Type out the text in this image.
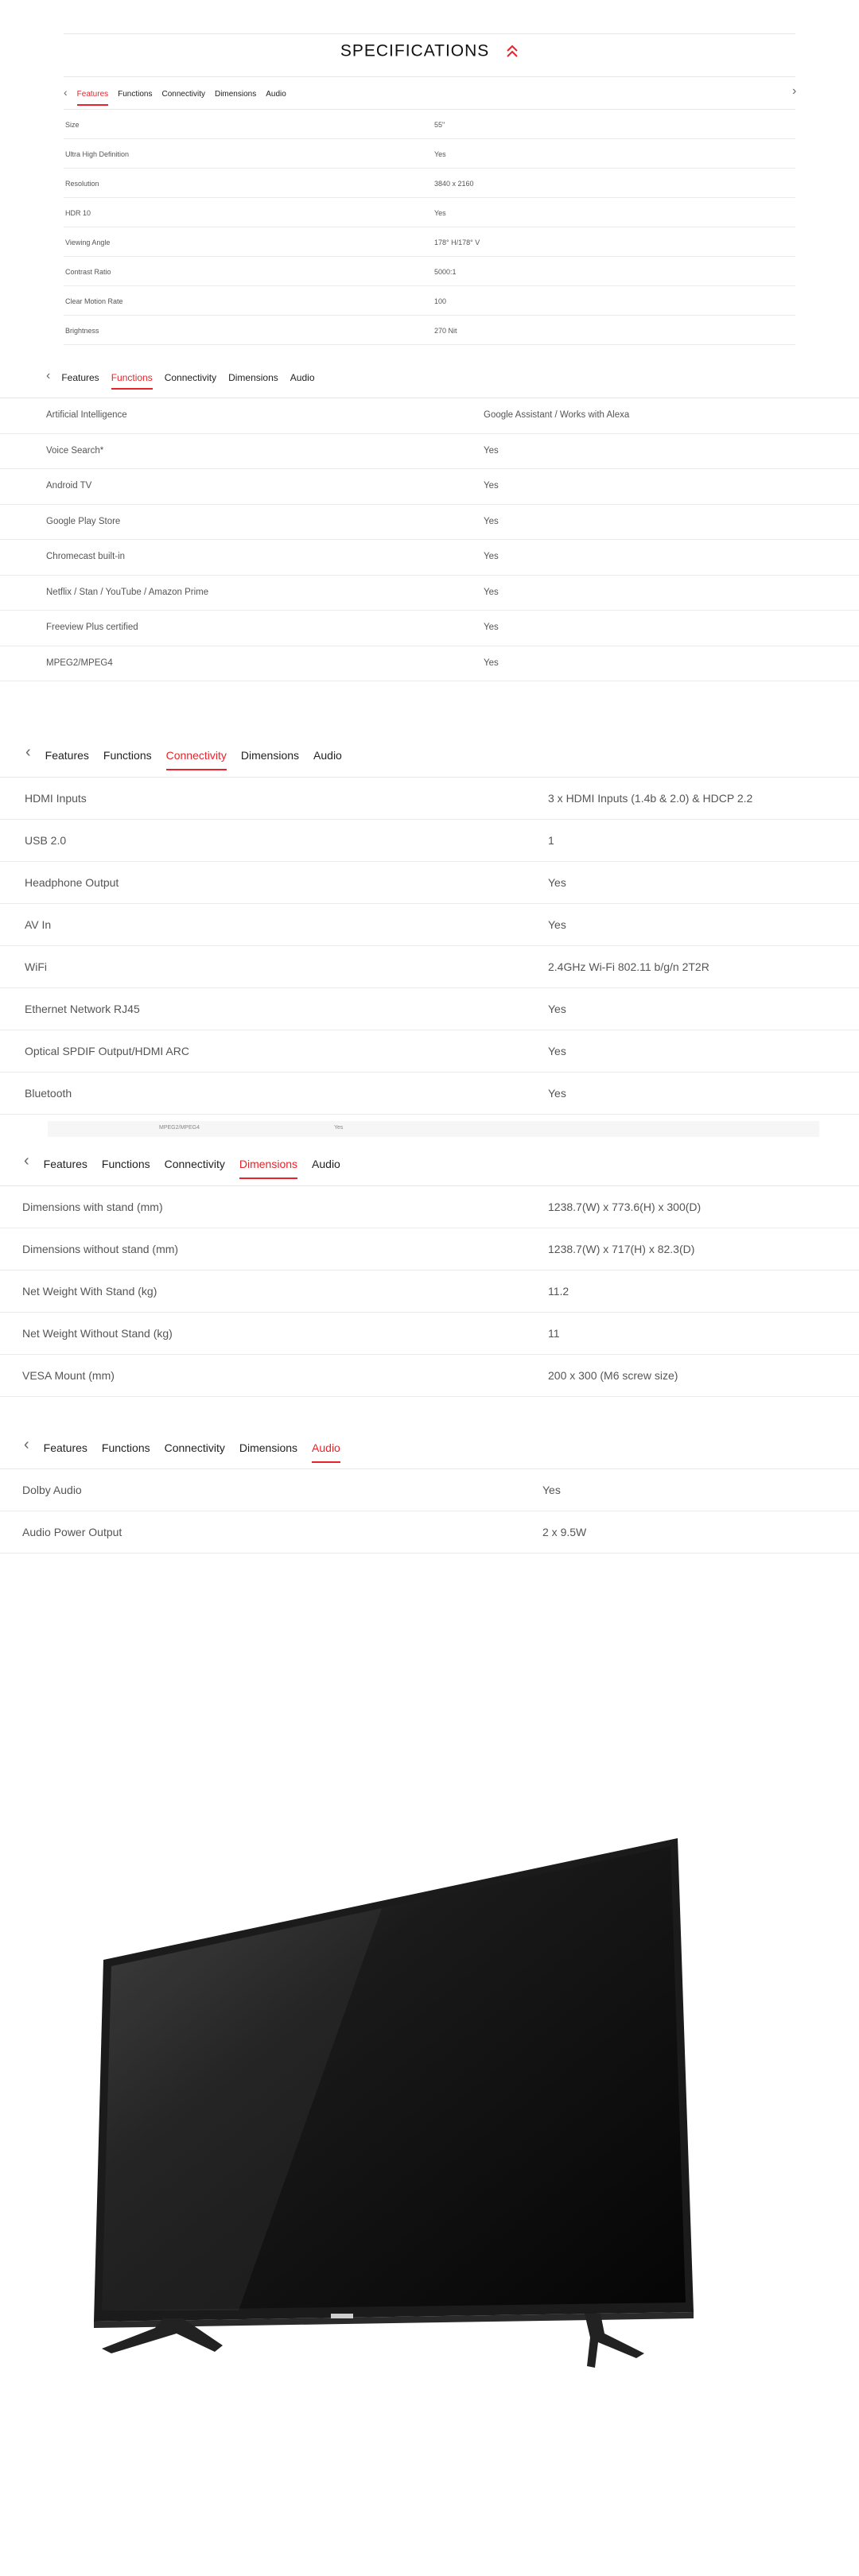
SPECIFICATIONS
‹ Features Functions Connectivity Dimensions Audio	›
Size	55"
Ultra High Definition	Yes
Resolution	3840 x 2160
HDR 10	Yes
Viewing Angle	178° H/178° V
Contrast Ratio	5000:1
Clear Motion Rate	100
Brightness	270 Nit
‹ Features Functions Connectivity Dimensions Audio
Artificial Intelligence	Google Assistant / Works with Alexa
Voice Search*	Yes
Android TV	Yes
Google Play Store	Yes
Chromecast built-in	Yes
Netflix / Stan / YouTube / Amazon Prime	Yes
Freeview Plus certified	Yes
MPEG2/MPEG4	Yes
‹ Features Functions Connectivity Dimensions Audio
HDMI Inputs	3 x HDMI Inputs (1.4b & 2.0) & HDCP 2.2
USB 2.0	1
Headphone Output	Yes
AV In	Yes
WiFi	2.4GHz Wi-Fi 802.11 b/g/n 2T2R
Ethernet Network RJ45	Yes
Optical SPDIF Output/HDMI ARC	Yes
Bluetooth	Yes
MPEG2/MPEG4	Yes
‹ Features Functions Connectivity Dimensions Audio
Dimensions with stand (mm)	1238.7(W) x 773.6(H) x 300(D)
Dimensions without stand (mm)	1238.7(W) x 717(H) x 82.3(D)
Net Weight With Stand (kg)	11.2
Net Weight Without Stand (kg)	11
VESA Mount (mm)	200 x 300 (M6 screw size)
‹ Features Functions Connectivity Dimensions Audio
Dolby Audio	Yes
Audio Power Output	2 x 9.5W
